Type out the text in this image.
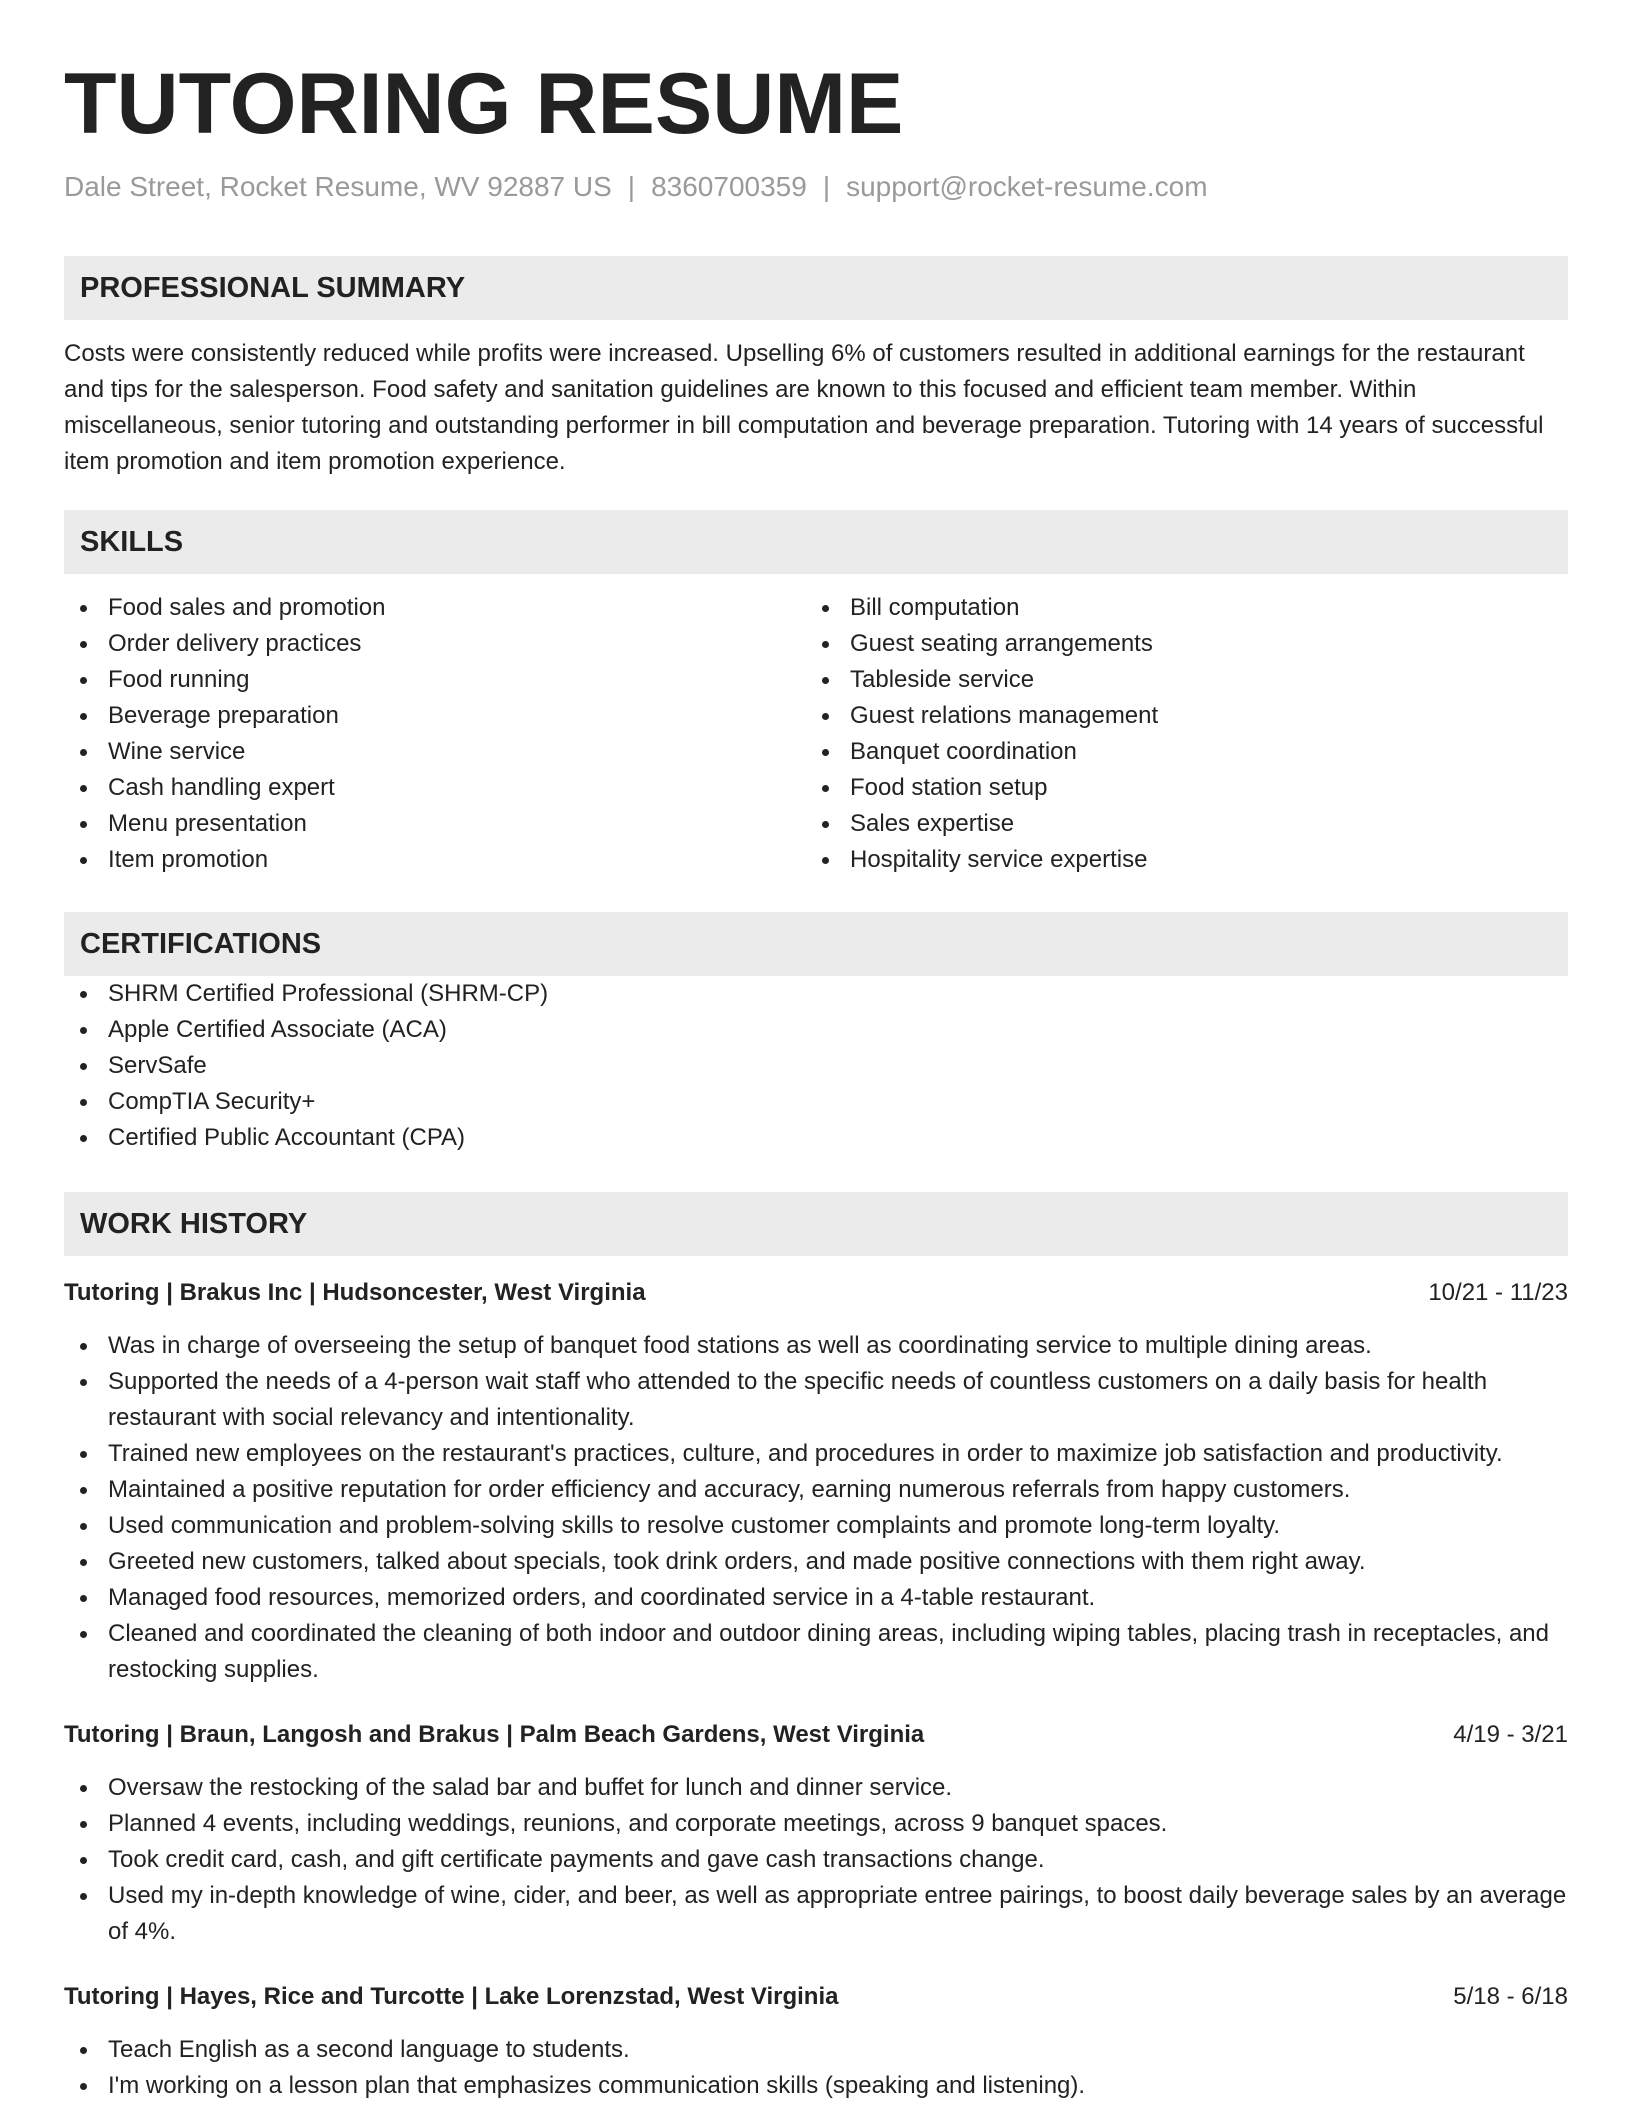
TUTORING RESUME
Dale Street, Rocket Resume, WV 92887 US | 8360700359 | support@rocket-resume.com
PROFESSIONAL SUMMARY

Costs were consistently reduced while profits were increased. Upselling 6% of customers resulted in additional earnings for the restaurant and tips for the salesperson. Food safety and sanitation guidelines are known to this focused and efficient team member. Within miscellaneous, senior tutoring and outstanding performer in bill computation and beverage preparation. Tutoring with 14 years of successful item promotion and item promotion experience.

SKILLS
Food sales and promotion
Order delivery practices
Food running
Beverage preparation
Wine service
Cash handling expert
Menu presentation
Item promotion
Bill computation
Guest seating arrangements
Tableside service
Guest relations management
Banquet coordination
Food station setup
Sales expertise
Hospitality service expertise
CERTIFICATIONS
SHRM Certified Professional (SHRM-CP)
Apple Certified Associate (ACA)
ServSafe
CompTIA Security+
Certified Public Accountant (CPA)
WORK HISTORY
Tutoring | Brakus Inc | Hudsoncester, West Virginia	10/21 - 11/23
Was in charge of overseeing the setup of banquet food stations as well as coordinating service to multiple dining areas.
Supported the needs of a 4-person wait staff who attended to the specific needs of countless customers on a daily basis for health restaurant with social relevancy and intentionality.
Trained new employees on the restaurant's practices, culture, and procedures in order to maximize job satisfaction and productivity.
Maintained a positive reputation for order efficiency and accuracy, earning numerous referrals from happy customers.
Used communication and problem-solving skills to resolve customer complaints and promote long-term loyalty.
Greeted new customers, talked about specials, took drink orders, and made positive connections with them right away.
Managed food resources, memorized orders, and coordinated service in a 4-table restaurant.
Cleaned and coordinated the cleaning of both indoor and outdoor dining areas, including wiping tables, placing trash in receptacles, and restocking supplies.
Tutoring | Braun, Langosh and Brakus | Palm Beach Gardens, West Virginia	4/19 - 3/21
Oversaw the restocking of the salad bar and buffet for lunch and dinner service.
Planned 4 events, including weddings, reunions, and corporate meetings, across 9 banquet spaces.
Took credit card, cash, and gift certificate payments and gave cash transactions change.
Used my in-depth knowledge of wine, cider, and beer, as well as appropriate entree pairings, to boost daily beverage sales by an average of 4%.
Tutoring | Hayes, Rice and Turcotte | Lake Lorenzstad, West Virginia	5/18 - 6/18
Teach English as a second language to students.
I'm working on a lesson plan that emphasizes communication skills (speaking and listening).
